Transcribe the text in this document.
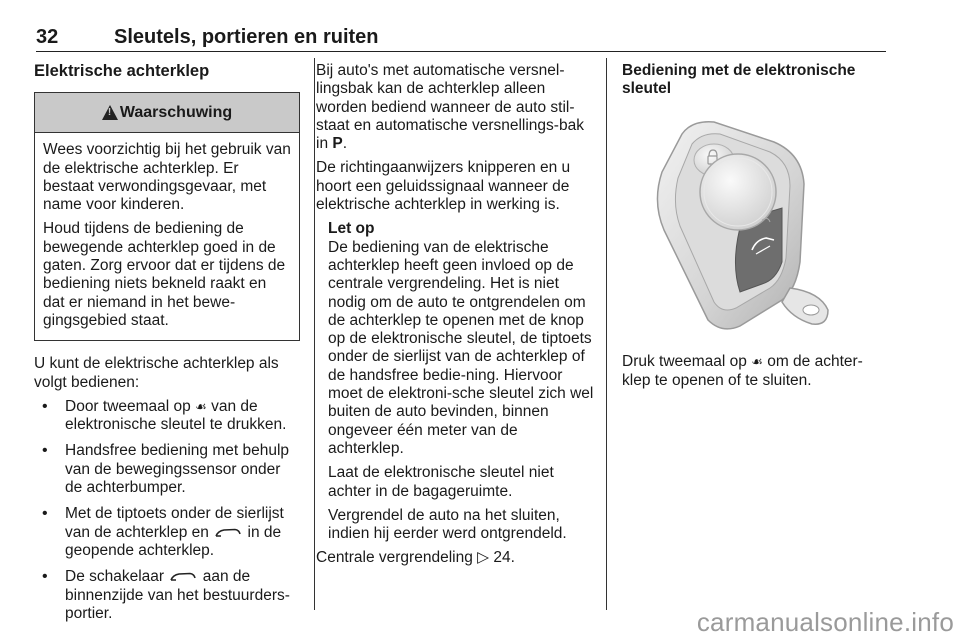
32	Sleutels, portieren en ruiten
Elektrische achterklep
!
Waarschuwing

Wees voorzichtig bij het gebruik van de elektrische achterklep. Er bestaat verwondingsgevaar, met name voor kinderen.

Houd tijdens de bediening de bewegende achterklep goed in de gaten. Zorg ervoor dat er tijdens de bediening niets bekneld raakt en dat er niemand in het bewe-gingsgebied staat.

U kunt de elektrische achterklep als volgt bedienen:

• Door tweemaal op ☙ van de elektronische sleutel te drukken.
• Handsfree bediening met behulp van de bewegingssensor onder de achterbumper.
• Met de tiptoets onder de sierlijst van de achterklep en in de geopende achterklep.
• De schakelaar aan de binnenzijde van het bestuurders-portier.

Bij auto's met automatische versnel-lingsbak kan de achterklep alleen worden bediend wanneer de auto stil-staat en automatische versnellings-bak in P.

De richtingaanwijzers knipperen en u hoort een geluidssignaal wanneer de elektrische achterklep in werking is.

Let op

De bediening van de elektrische achterklep heeft geen invloed op de centrale vergrendeling. Het is niet nodig om de auto te ontgrendelen om de achterklep te openen met de knop op de elektronische sleutel, de tiptoets onder de sierlijst van de achterklep of de handsfree bedie-ning. Hiervoor moet de elektroni-sche sleutel zich wel buiten de auto bevinden, binnen ongeveer één meter van de achterklep.

Laat de elektronische sleutel niet achter in de bagageruimte.

Vergrendel de auto na het sluiten, indien hij eerder werd ontgrendeld.

Centrale vergrendeling ▷ 24.

Bediening met de elektronische sleutel

Druk tweemaal op ☙ om de achter-klep te openen of te sluiten.

carmanualsonline.info
